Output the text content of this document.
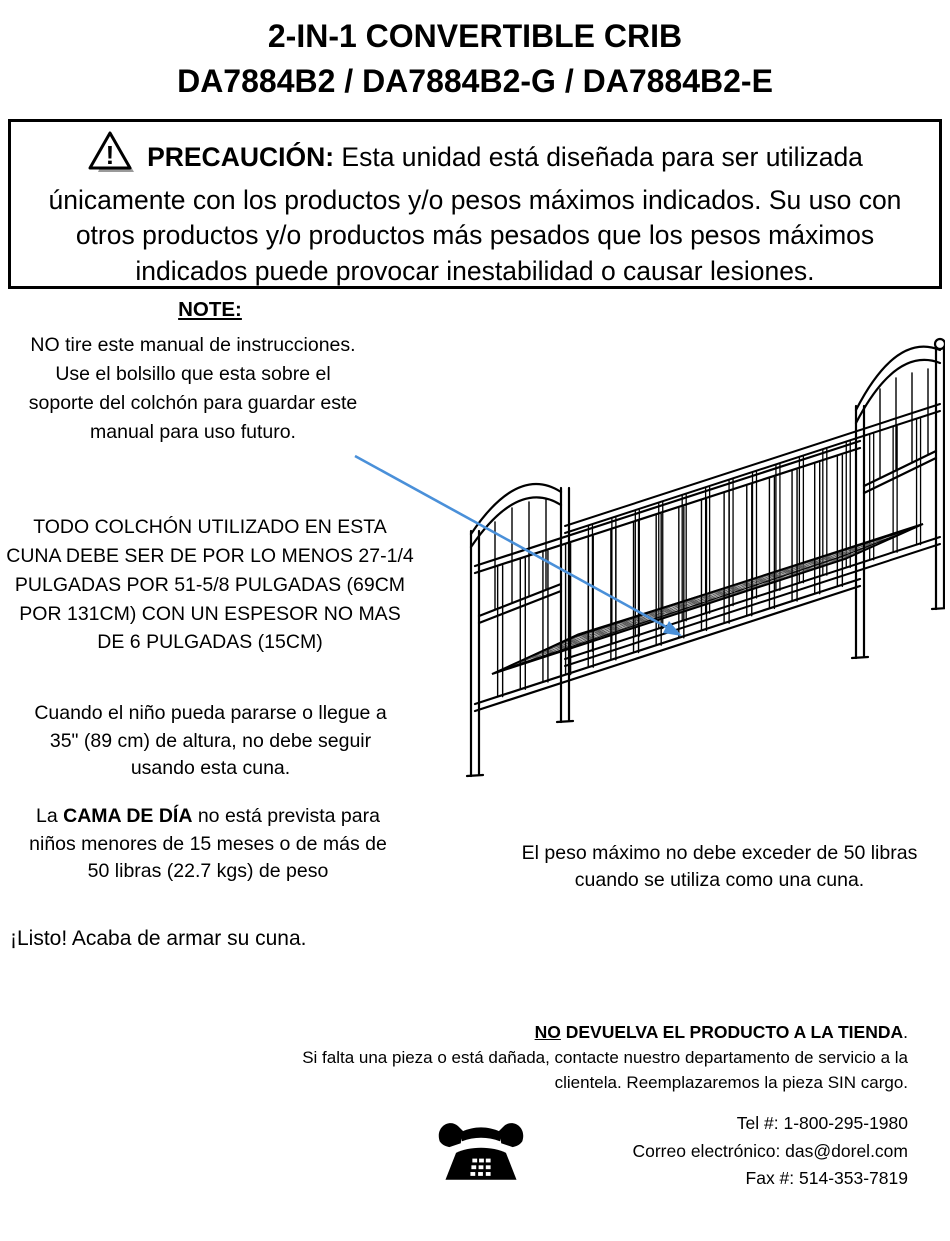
2-IN-1 CONVERTIBLE CRIB
DA7884B2 / DA7884B2-G / DA7884B2-E
! PRECAUCIÓN: Esta unidad está diseñada para ser utilizada únicamente con los productos y/o pesos máximos indicados. Su uso con otros productos y/o productos más pesados que los pesos máximos indicados puede provocar inestabilidad o causar lesiones.
NOTE:
NO tire este manual de instrucciones. Use el bolsillo que esta sobre el soporte del colchón para guardar este manual para uso futuro.
TODO COLCHÓN UTILIZADO EN ESTA CUNA DEBE SER DE POR LO MENOS 27-1/4 PULGADAS POR 51-5/8 PULGADAS (69CM POR 131CM) CON UN ESPESOR NO MAS DE 6 PULGADAS (15CM)
Cuando el niño pueda pararse o llegue a 35" (89 cm) de altura, no debe seguir usando esta cuna.
La CAMA DE DÍA no está prevista para niños menores de 15 meses o de más de 50 libras (22.7 kgs) de peso
¡Listo! Acaba de armar su cuna.
El peso máximo no debe exceder de 50 libras cuando se utiliza como una cuna.
NO DEVUELVA EL PRODUCTO A LA TIENDA.
Si falta una pieza o está dañada, contacte nuestro departamento de servicio a la clientela. Reemplazaremos la pieza SIN cargo.
Tel #: 1-800-295-1980
Correo electrónico: das@dorel.com
Fax #: 514-353-7819
